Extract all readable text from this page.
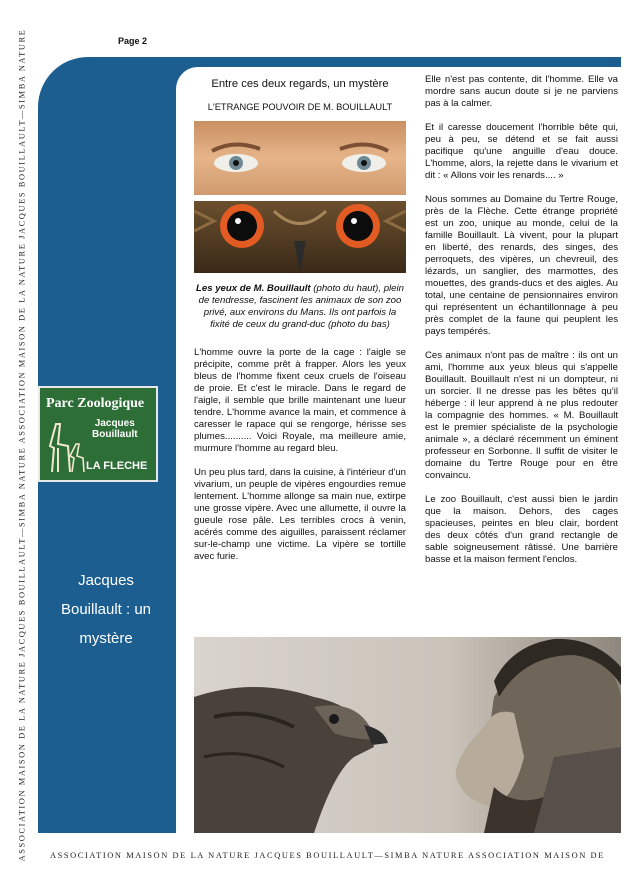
ASSOCIATION MAISON DE LA NATURE JACQUES BOUILLAULT—SIMBA NATURE ASSOCIATION MAISON DE LA NATURE JACQUES BOUILLAULT—SIMBA NATURE	ASSOCIATION MAISON DE LA NATURE JACQUES BOUILLAULT—SIMBA NATURE ASSOCIATION MAISON DE
Page 2
Parc Zoologique
Jacques
Bouillault
LA FLECHE
Jacques Bouillault : un mystère
Entre ces deux regards, un mystère
L'ETRANGE POUVOIR DE M. BOUILLAULT
Les yeux de M. Bouillault (photo du haut), plein de tendresse, fascinent les animaux de son zoo privé, aux environs du Mans. Ils ont parfois la fixité de ceux du grand-duc (photo du bas)

L'homme ouvre la porte de la cage : l'aigle se précipite, comme prêt à frapper. Alors les yeux bleus de l'homme fixent ceux cruels de l'oiseau de proie. Et c'est le miracle. Dans le regard de l'aigle, il semble que brille maintenant une lueur tendre. L'homme avance la main, et commence à caresser le rapace qui se rengorge, hérisse ses plumes.......... Voici Royale, ma meilleure amie, murmure l'homme au regard bleu.

Un peu plus tard, dans la cuisine, à l'intérieur d'un vivarium, un peuple de vipères engourdies remue lentement. L'homme allonge sa main nue, extirpe une grosse vipère. Avec une allumette, il ouvre la gueule rose pâle. Les terribles crocs à venin, acérés comme des aiguilles, paraissent réclamer sur-le-champ une victime. La vipère se tortille avec furie.

Elle n'est pas contente, dit l'homme. Elle va mordre sans aucun doute si je ne parviens pas à la calmer.

Et il caresse doucement l'horrible bête qui, peu à peu, se détend et se fait aussi pacifique qu'une anguille d'eau douce. L'homme, alors, la rejette dans le vivarium et dit : « Allons voir les renards.... »

Nous sommes au Domaine du Tertre Rouge, près de la Flèche. Cette étrange propriété est un zoo, unique au monde, celui de la famille Bouillault. Là vivent, pour la plupart en liberté, des renards, des singes, des perroquets, des vipères, un chevreuil, des lézards, un sanglier, des marmottes, des mouettes, des grands-ducs et des aigles. Au total, une centaine de pensionnaires environ qui représentent un échantillonnage à peu près complet de la faune qui peuplent les pays tempérés.

Ces animaux n'ont pas de maître : ils ont un ami, l'homme aux yeux bleus qui s'appelle Bouillault. Bouillault n'est ni un dompteur, ni un sorcier. Il ne dresse pas les bêtes qu'il héberge : il leur apprend à ne plus redouter la compagnie des hommes. « M. Bouillault est le premier spécialiste de la psychologie animale », a déclaré récemment un éminent professeur en Sorbonne. Il suffit de visiter le domaine du Tertre Rouge pour en être convaincu.

Le zoo Bouillault, c'est aussi bien le jardin que la maison. Dehors, des cages spacieuses, peintes en bleu clair, bordent des deux côtés d'un grand rectangle de sable soigneusement râtissé. Une barrière basse et la maison ferment l'enclos.
